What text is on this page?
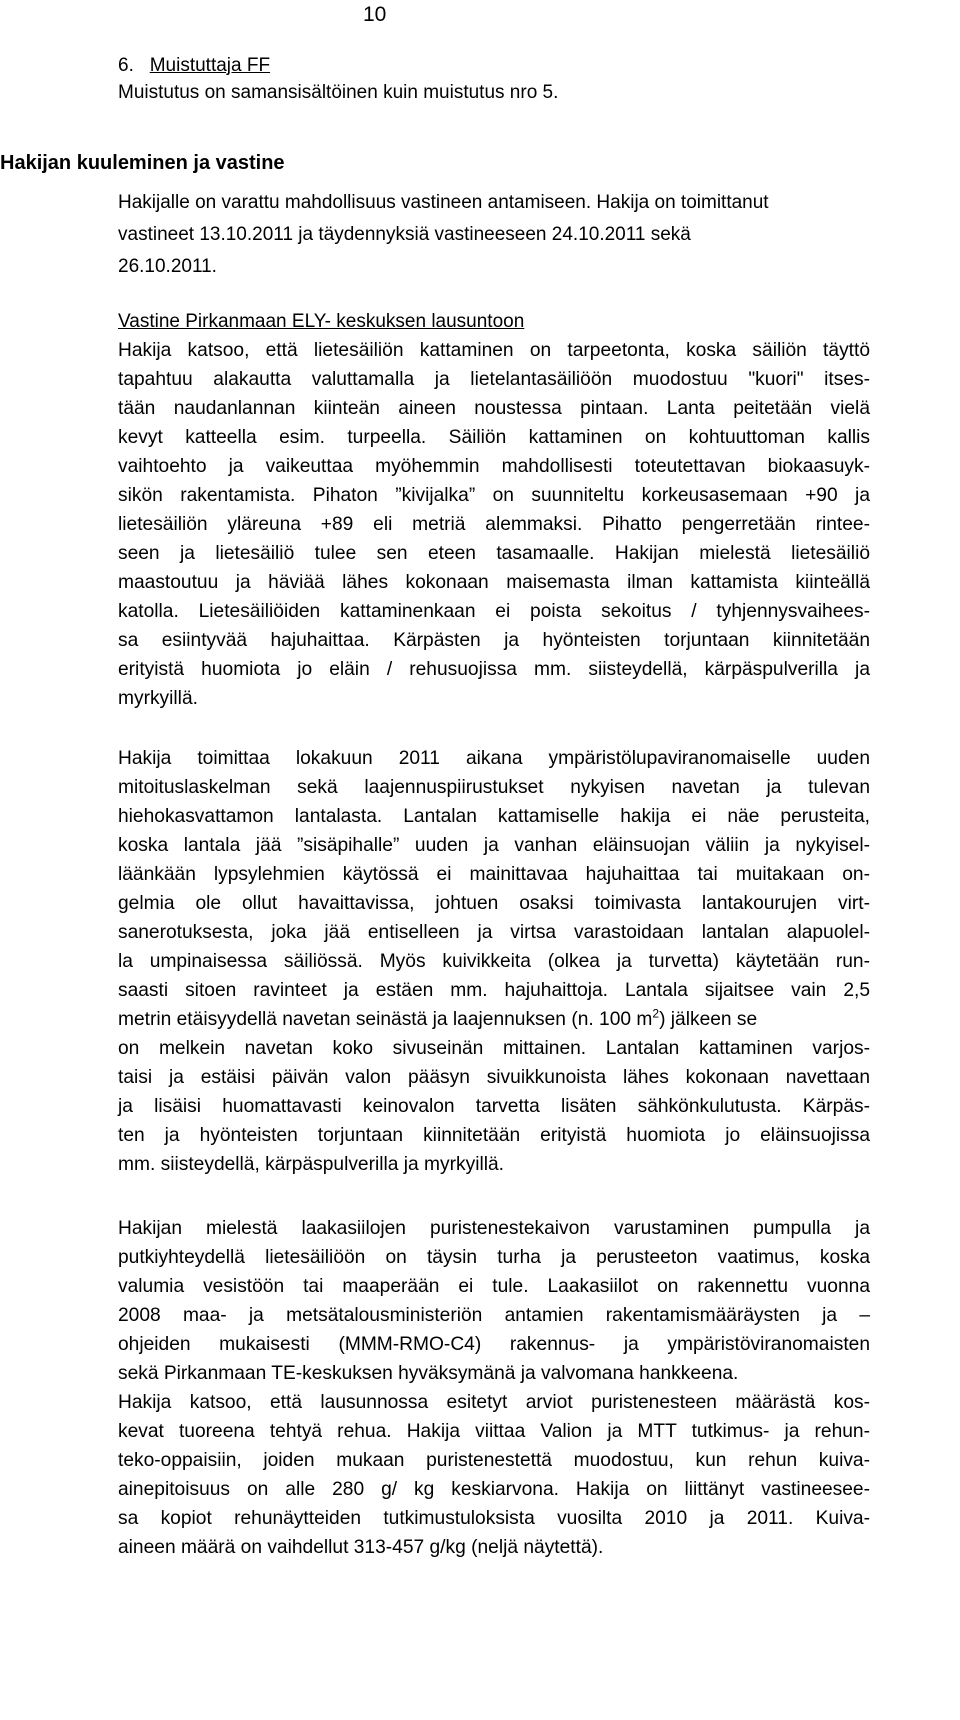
10
6. Muistuttaja FF
Muistutus on samansisältöinen kuin muistutus nro 5.
Hakijan kuuleminen ja vastine
Hakijalle on varattu mahdollisuus vastineen antamiseen. Hakija on toimittanut
vastineet 13.10.2011 ja täydennyksiä vastineeseen 24.10.2011 sekä
26.10.2011.
Vastine Pirkanmaan ELY- keskuksen lausuntoon
Hakija katsoo, että lietesäiliön kattaminen on tarpeetonta, koska säiliön täyttö
tapahtuu alakautta valuttamalla ja lietelantasäiliöön muodostuu "kuori" itses-
tään naudanlannan kiinteän aineen noustessa pintaan. Lanta peitetään vielä
kevyt katteella esim. turpeella. Säiliön kattaminen on kohtuuttoman kallis
vaihtoehto ja vaikeuttaa myöhemmin mahdollisesti toteutettavan biokaasuyk-
sikön rakentamista. Pihaton ”kivijalka” on suunniteltu korkeusasemaan +90 ja
lietesäiliön yläreuna +89 eli metriä alemmaksi. Pihatto pengerretään rintee-
seen ja lietesäiliö tulee sen eteen tasamaalle. Hakijan mielestä lietesäiliö
maastoutuu ja häviää lähes kokonaan maisemasta ilman kattamista kiinteällä
katolla. Lietesäiliöiden kattaminenkaan ei poista sekoitus / tyhjennysvaihees-
sa esiintyvää hajuhaittaa. Kärpästen ja hyönteisten torjuntaan kiinnitetään
erityistä huomiota jo eläin / rehusuojissa mm. siisteydellä, kärpäspulverilla ja
myrkyillä.
Hakija toimittaa lokakuun 2011 aikana ympäristölupaviranomaiselle uuden
mitoituslaskelman sekä laajennuspiirustukset nykyisen navetan ja tulevan
hiehokasvattamon lantalasta. Lantalan kattamiselle hakija ei näe perusteita,
koska lantala jää ”sisäpihalle” uuden ja vanhan eläinsuojan väliin ja nykyisel-
läänkään lypsylehmien käytössä ei mainittavaa hajuhaittaa tai muitakaan on-
gelmia ole ollut havaittavissa, johtuen osaksi toimivasta lantakourujen virt-
sanerotuksesta, joka jää entiselleen ja virtsa varastoidaan lantalan alapuolel-
la umpinaisessa säiliössä. Myös kuivikkeita (olkea ja turvetta) käytetään run-
saasti sitoen ravinteet ja estäen mm. hajuhaittoja. Lantala sijaitsee vain 2,5
metrin etäisyydellä navetan seinästä ja laajennuksen (n. 100 $m^2$) jälkeen se
on melkein navetan koko sivuseinän mittainen. Lantalan kattaminen varjos-
taisi ja estäisi päivän valon pääsyn sivuikkunoista lähes kokonaan navettaan
ja lisäisi huomattavasti keinovalon tarvetta lisäten sähkönkulutusta. Kärpäs-
ten ja hyönteisten torjuntaan kiinnitetään erityistä huomiota jo eläinsuojissa
mm. siisteydellä, kärpäspulverilla ja myrkyillä.
Hakijan mielestä laakasiilojen puristenestekaivon varustaminen pumpulla ja
putkiyhteydellä lietesäiliöön on täysin turha ja perusteeton vaatimus, koska
valumia vesistöön tai maaperään ei tule. Laakasiilot on rakennettu vuonna
2008 maa- ja metsätalousministeriön antamien rakentamismääräysten ja –
ohjeiden mukaisesti (MMM-RMO-C4) rakennus- ja ympäristöviranomaisten
sekä Pirkanmaan TE-keskuksen hyväksymänä ja valvomana hankkeena.
Hakija katsoo, että lausunnossa esitetyt arviot puristenesteen määrästä kos-
kevat tuoreena tehtyä rehua. Hakija viittaa Valion ja MTT tutkimus- ja rehun-
teko-oppaisiin, joiden mukaan puristenestettä muodostuu, kun rehun kuiva-
ainepitoisuus on alle 280 g/ kg keskiarvona. Hakija on liittänyt vastineesee-
sa kopiot rehunäytteiden tutkimustuloksista vuosilta 2010 ja 2011. Kuiva-
aineen määrä on vaihdellut 313-457 g/kg (neljä näytettä).
